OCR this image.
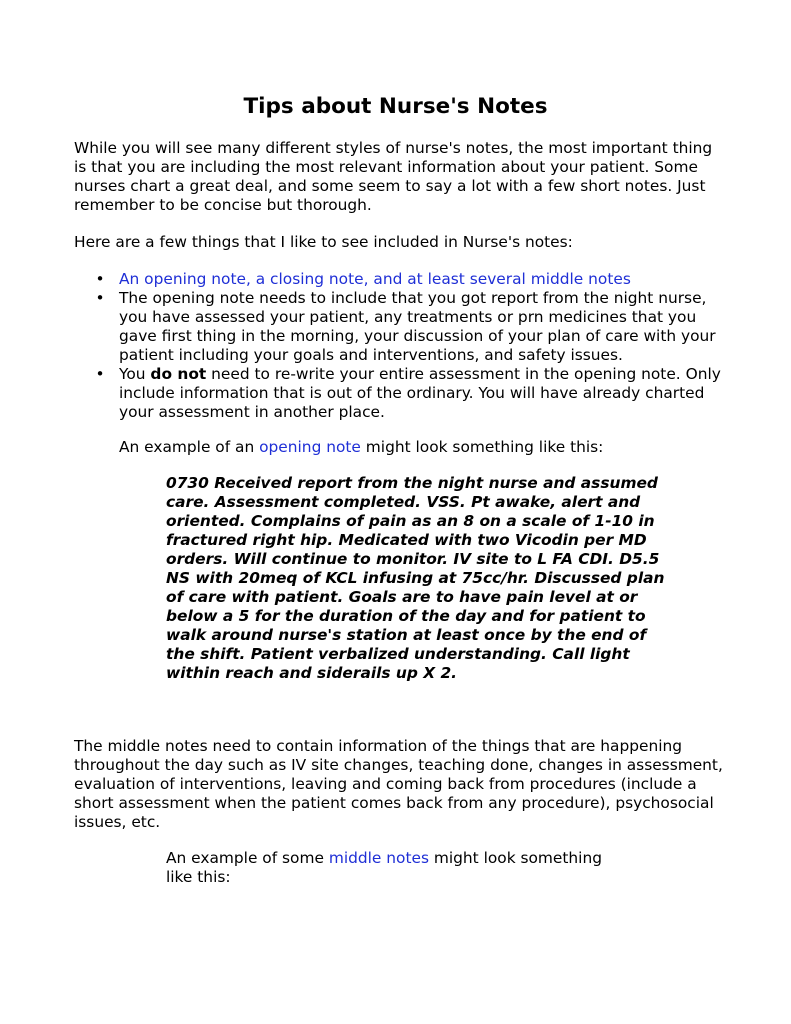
Tips about Nurse's Notes

While you will see many different styles of nurse's notes, the most important thing is that you are including the most relevant information about your patient. Some nurses chart a great deal, and some seem to say a lot with a few short notes. Just remember to be concise but thorough.

Here are a few things that I like to see included in Nurse's notes:

• An opening note, a closing note, and at least several middle notes
• The opening note needs to include that you got report from the night nurse, you have assessed your patient, any treatments or prn medicines that you gave first thing in the morning, your discussion of your plan of care with your patient including your goals and interventions, and safety issues.
• You do not need to re-write your entire assessment in the opening note. Only include information that is out of the ordinary. You will have already charted your assessment in another place.

An example of an opening note might look something like this:

0730 Received report from the night nurse and assumed care. Assessment completed. VSS. Pt awake, alert and oriented. Complains of pain as an 8 on a scale of 1-10 in fractured right hip. Medicated with two Vicodin per MD orders. Will continue to monitor. IV site to L FA CDI. D5.5 NS with 20meq of KCL infusing at 75cc/hr. Discussed plan of care with patient. Goals are to have pain level at or below a 5 for the duration of the day and for patient to walk around nurse's station at least once by the end of the shift. Patient verbalized understanding. Call light within reach and siderails up X 2.

The middle notes need to contain information of the things that are happening throughout the day such as IV site changes, teaching done, changes in assessment, evaluation of interventions, leaving and coming back from procedures (include a short assessment when the patient comes back from any procedure), psychosocial issues, etc.

An example of some middle notes might look something like this:
